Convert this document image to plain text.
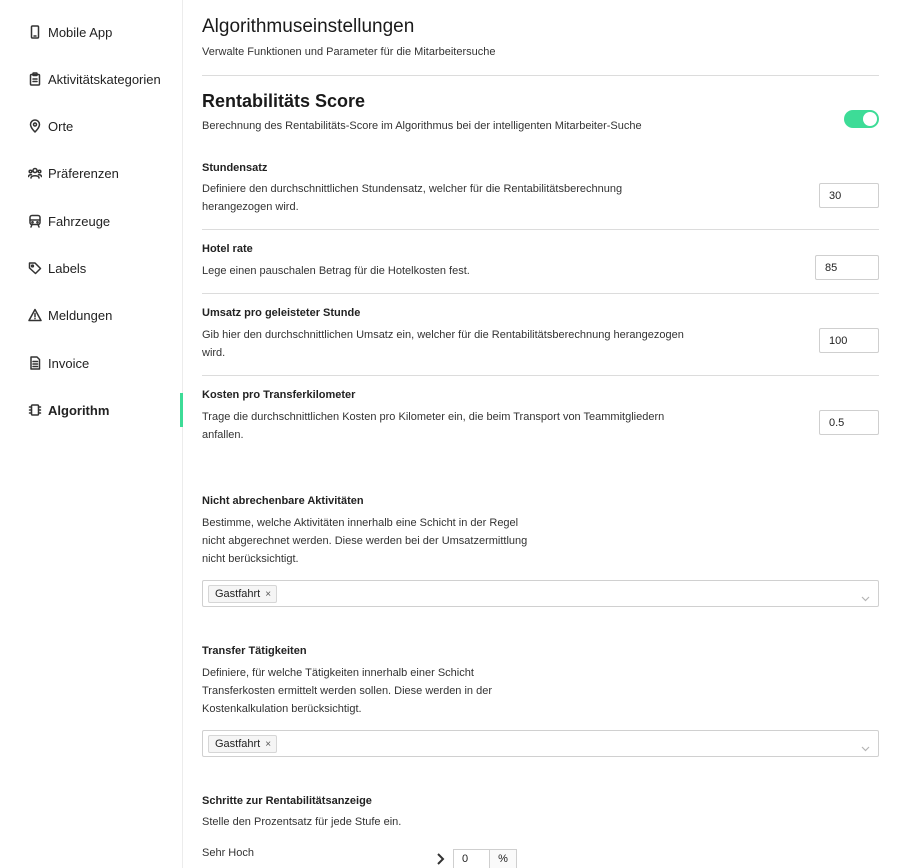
Mobile App
Aktivitätskategorien
Orte
Präferenzen
Fahrzeuge
Labels
Meldungen
Invoice
Algorithm
Algorithmuseinstellungen
Verwalte Funktionen und Parameter für die Mitarbeitersuche
Rentabilitäts Score
Berechnung des Rentabilitäts-Score im Algorithmus bei der intelligenten Mitarbeiter-Suche
Stundensatz
Definiere den durchschnittlichen Stundensatz, welcher für die Rentabilitätsberechnung
herangezogen wird.
30
Hotel rate
Lege einen pauschalen Betrag für die Hotelkosten fest.
85
Umsatz pro geleisteter Stunde
Gib hier den durchschnittlichen Umsatz ein, welcher für die Rentabilitätsberechnung herangezogen
wird.
100
Kosten pro Transferkilometer
Trage die durchschnittlichen Kosten pro Kilometer ein, die beim Transport von Teammitgliedern
anfallen.
0.5
Nicht abrechenbare Aktivitäten
Bestimme, welche Aktivitäten innerhalb eine Schicht in der Regel
nicht abgerechnet werden. Diese werden bei der Umsatzermittlung
nicht berücksichtigt.
Gastfahrt ×
Transfer Tätigkeiten
Definiere, für welche Tätigkeiten innerhalb einer Schicht
Transferkosten ermittelt werden sollen. Diese werden in der
Kostenkalkulation berücksichtigt.
Gastfahrt ×
Schritte zur Rentabilitätsanzeige
Stelle den Prozentsatz für jede Stufe ein.
Sehr Hoch
0	%
